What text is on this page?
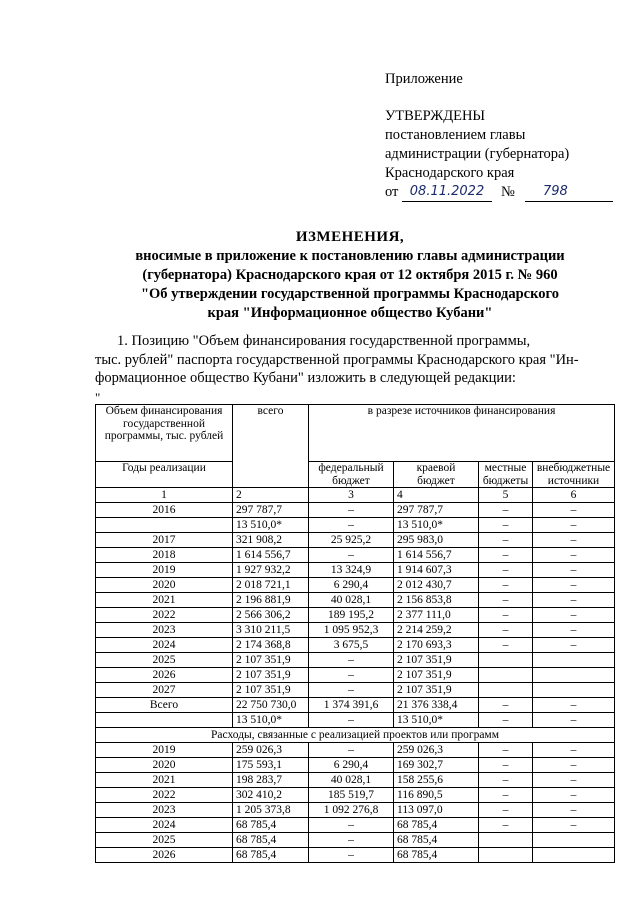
Приложение
УТВЕРЖДЕНЫ
постановлением главы
администрации (губернатора)
Краснодарского края
от 08.11.2022	№	798
ИЗМЕНЕНИЯ,
вносимые в приложение к постановлению главы администрации
(губернатора) Краснодарского края от 12 октября 2015 г. № 960
"Об утверждении государственной программы Краснодарского
края "Информационное общество Кубани"
1. Позицию "Объем финансирования государственной программы,
тыс. рублей" паспорта государственной программы Краснодарского края "Ин-
формационное общество Кубани" изложить в следующей редакции:
"
Объем финансирования государственной программы, тыс. рублей	всего	в разрезе источников финансирования			
Годы реализации		федеральный бюджет	краевой бюджет	местные бюджеты	внебюджетные источники
1	2	3	4	5	6
2016	297 787,7	–	297 787,7	–	–
	13 510,0*	–	13 510,0*	–	–
2017	321 908,2	25 925,2	295 983,0	–	–
2018	1 614 556,7	–	1 614 556,7	–	–
2019	1 927 932,2	13 324,9	1 914 607,3	–	–
2020	2 018 721,1	6 290,4	2 012 430,7	–	–
2021	2 196 881,9	40 028,1	2 156 853,8	–	–
2022	2 566 306,2	189 195,2	2 377 111,0	–	–
2023	3 310 211,5	1 095 952,3	2 214 259,2	–	–
2024	2 174 368,8	3 675,5	2 170 693,3	–	–
2025	2 107 351,9	–	2 107 351,9		
2026	2 107 351,9	–	2 107 351,9		
2027	2 107 351,9	–	2 107 351,9		
Всего	22 750 730,0	1 374 391,6	21 376 338,4	–	–
	13 510,0*	–	13 510,0*	–	–
Расходы, связанные с реализацией проектов или программ					
2019	259 026,3	–	259 026,3	–	–
2020	175 593,1	6 290,4	169 302,7	–	–
2021	198 283,7	40 028,1	158 255,6	–	–
2022	302 410,2	185 519,7	116 890,5	–	–
2023	1 205 373,8	1 092 276,8	113 097,0	–	–
2024	68 785,4	–	68 785,4	–	–
2025	68 785,4	–	68 785,4		
2026	68 785,4	–	68 785,4		
